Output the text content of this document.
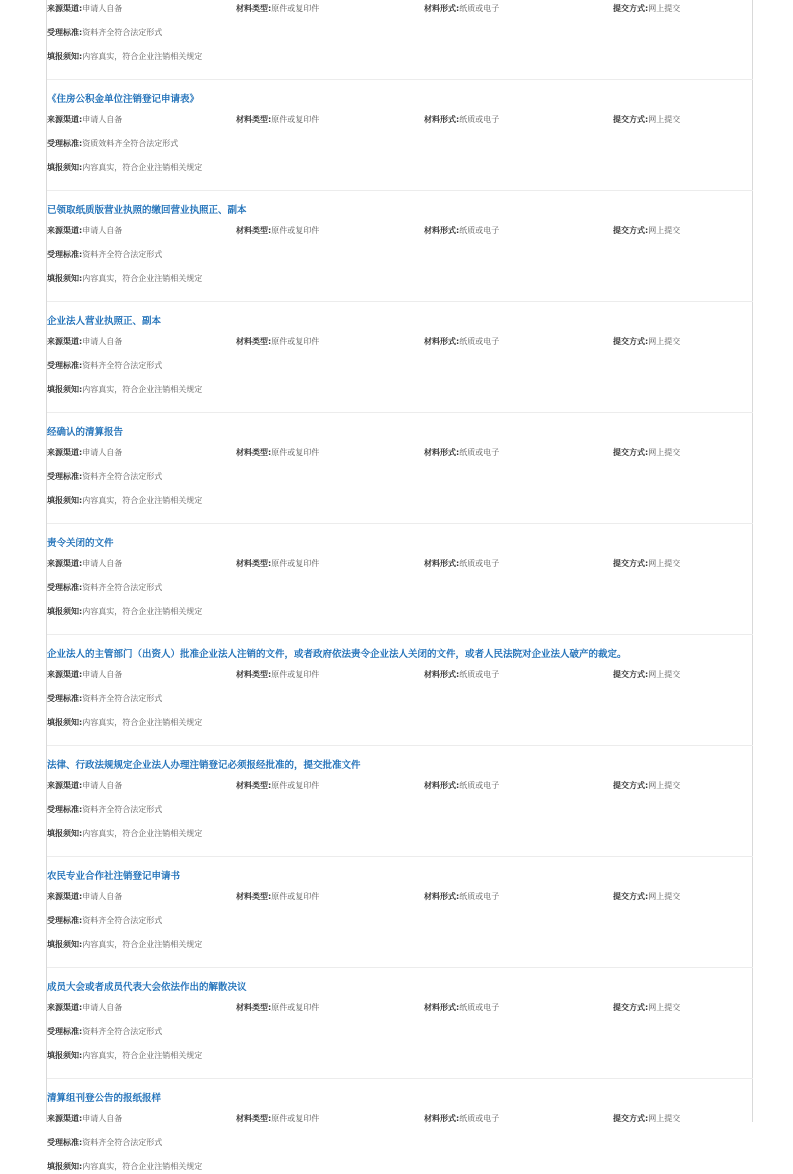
来源渠道:申请人自备	材料类型:原件或复印件	材料形式:纸质或电子	提交方式:网上提交
受理标准:资料齐全符合法定形式
填报须知:内容真实，符合企业注销相关规定
《住房公积金单位注销登记申请表》
来源渠道:申请人自备	材料类型:原件或复印件	材料形式:纸质或电子	提交方式:网上提交
受理标准:资质效料齐全符合法定形式
填报须知:内容真实，符合企业注销相关规定
已领取纸质版营业执照的缴回营业执照正、副本
来源渠道:申请人自备	材料类型:原件或复印件	材料形式:纸质或电子	提交方式:网上提交
受理标准:资料齐全符合法定形式
填报须知:内容真实，符合企业注销相关规定
企业法人营业执照正、副本
来源渠道:申请人自备	材料类型:原件或复印件	材料形式:纸质或电子	提交方式:网上提交
受理标准:资料齐全符合法定形式
填报须知:内容真实，符合企业注销相关规定
经确认的清算报告
来源渠道:申请人自备	材料类型:原件或复印件	材料形式:纸质或电子	提交方式:网上提交
受理标准:资料齐全符合法定形式
填报须知:内容真实，符合企业注销相关规定
责令关闭的文件
来源渠道:申请人自备	材料类型:原件或复印件	材料形式:纸质或电子	提交方式:网上提交
受理标准:资料齐全符合法定形式
填报须知:内容真实，符合企业注销相关规定
企业法人的主管部门（出资人）批准企业法人注销的文件，或者政府依法责令企业法人关闭的文件，或者人民法院对企业法人破产的裁定。
来源渠道:申请人自备	材料类型:原件或复印件	材料形式:纸质或电子	提交方式:网上提交
受理标准:资料齐全符合法定形式
填报须知:内容真实，符合企业注销相关规定
法律、行政法规规定企业法人办理注销登记必须报经批准的，提交批准文件
来源渠道:申请人自备	材料类型:原件或复印件	材料形式:纸质或电子	提交方式:网上提交
受理标准:资料齐全符合法定形式
填报须知:内容真实，符合企业注销相关规定
农民专业合作社注销登记申请书
来源渠道:申请人自备	材料类型:原件或复印件	材料形式:纸质或电子	提交方式:网上提交
受理标准:资料齐全符合法定形式
填报须知:内容真实，符合企业注销相关规定
成员大会或者成员代表大会依法作出的解散决议
来源渠道:申请人自备	材料类型:原件或复印件	材料形式:纸质或电子	提交方式:网上提交
受理标准:资料齐全符合法定形式
填报须知:内容真实，符合企业注销相关规定
清算组刊登公告的报纸报样
来源渠道:申请人自备	材料类型:原件或复印件	材料形式:纸质或电子	提交方式:网上提交
受理标准:资料齐全符合法定形式
填报须知:内容真实，符合企业注销相关规定
